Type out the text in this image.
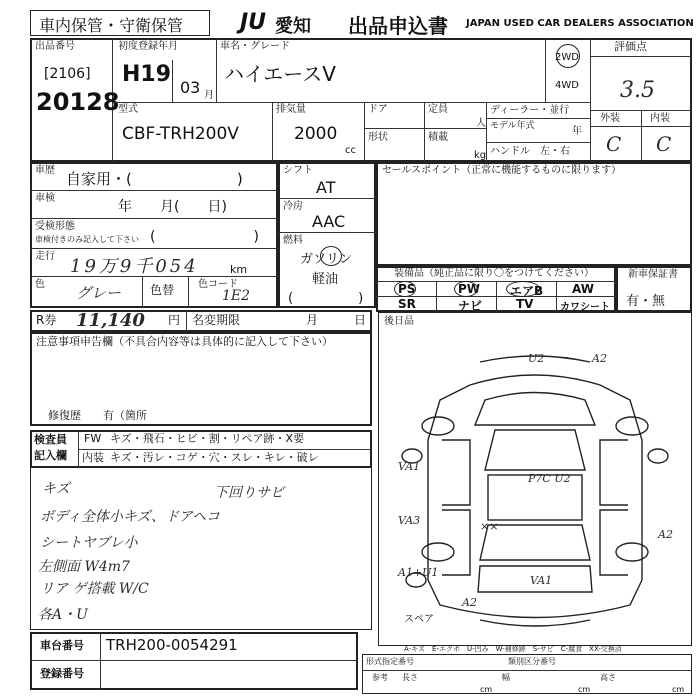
車内保管・守衛保管	JU 愛知 出品申込書 JAPAN USED CAR DEALERS ASSOCIATION
出品番号
[2106]
20128
初度登録年月
H19
03 月
車名・グレード
ハイエースV
2WD
4WD
評価点
3.5
外装	内装
C C
型式
CBF-TRH200V
排気量
2000
cc
ドア
形状
定員
人
積載
kg
ディーラー・並行
モデル年式	年
ハンドル　左・右
車歴 自家用・(　　　　　　　)
車検
年　　月(　　日)
受検形態
車検付きのみ記入して下さい (　　　　　　　)
走行 19万9千054	km
色 グレー 色替 色コード
1E2
シフト
AT
冷房
AAC
燃料
ガソリン
軽油
(　　　　　)
セールスポイント（正常に機能するものに限ります）
装備品（純正品に限り〇をつけてください）
PS	PW エアB AW
SR	ナビ	TV	カワシート
新車保証書
有・無
R券 11,140 円 名変期限	月	日 後日品
注意事項申告欄（不具合内容等は具体的に記入して下さい）
修復歴　　有（箇所
検査員
記入欄
FW キズ・飛石・ヒビ・割・リペア跡・X要
内装 キズ・汚レ・コゲ・穴・スレ・キレ・破レ
キズ	下回りサビ
ボディ全体小キズ、ドアヘコ
シートヤブレ小
左側面 W4m7
リア ゲ搭載 W/C
各A・U
U2	A2
VA1
VA3
A1+U1
P7C U2
××
VA1
A2
A2
スペア
A-キズ　E-エクボ　U-凹み　W-補修跡　S-サビ　C-腐食　XX-交換済
車台番号 TRH200-0054291
登録番号
形式指定番号	類別区分番号
参考 長さ
cm
幅
cm
高さ
cm
